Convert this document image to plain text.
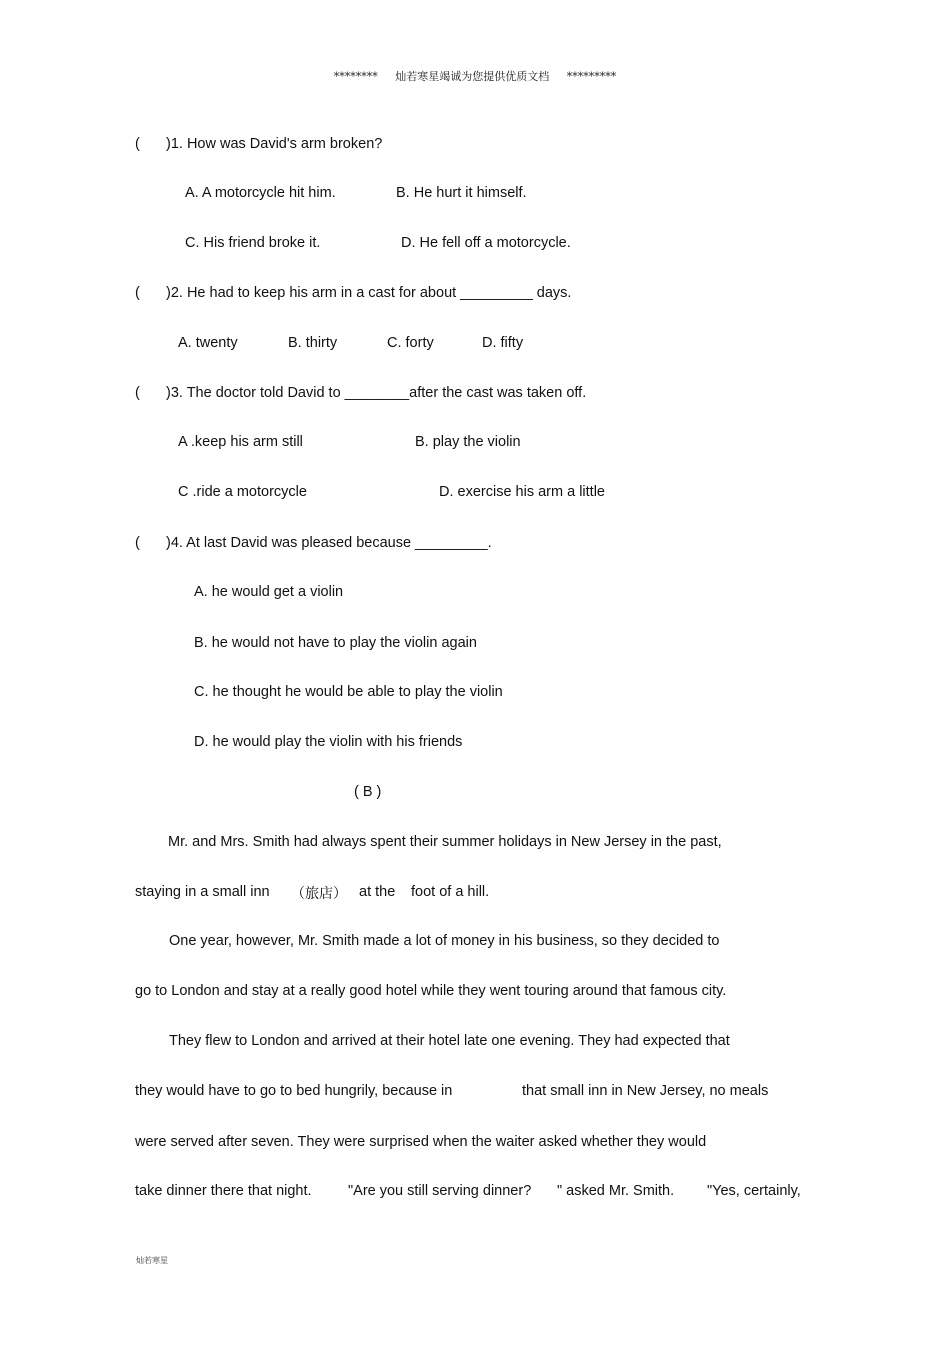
******** 灿若寒星竭诚为您提供优质文档 *********
( )1. How was David's arm broken?
A. A motorcycle hit him.	B. He hurt it himself.
C. His friend broke it.	D. He fell off a motorcycle.
( )2. He had to keep his arm in a cast for about _________ days.
A. twenty	B. thirty	C. forty	D. fifty
( )3. The doctor told David to ________after the cast was taken off.
A .keep his arm still	B. play the violin
C .ride a motorcycle	D. exercise his arm a little
( )4. At last David was pleased because _________.
A. he would get a violin
B. he would not have to play the violin again
C. he thought he would be able to play the violin
D. he would play the violin with his friends
( B )
Mr. and Mrs. Smith had always spent their summer holidays in New Jersey in the past,
staying in a small inn （旅店） at the foot of a hill.
One year, however, Mr. Smith made a lot of money in his business, so they decided to
go to London and stay at a really good hotel while they went touring around that famous city.
They flew to London and arrived at their hotel late one evening. They had expected that
they would have to go to bed hungrily, because in	that small inn in New Jersey, no meals
were served after seven. They were surprised when the waiter asked whether they would
take dinner there that night.	"Are you still serving dinner? " asked Mr. Smith. "Yes, certainly,
灿若寒星
